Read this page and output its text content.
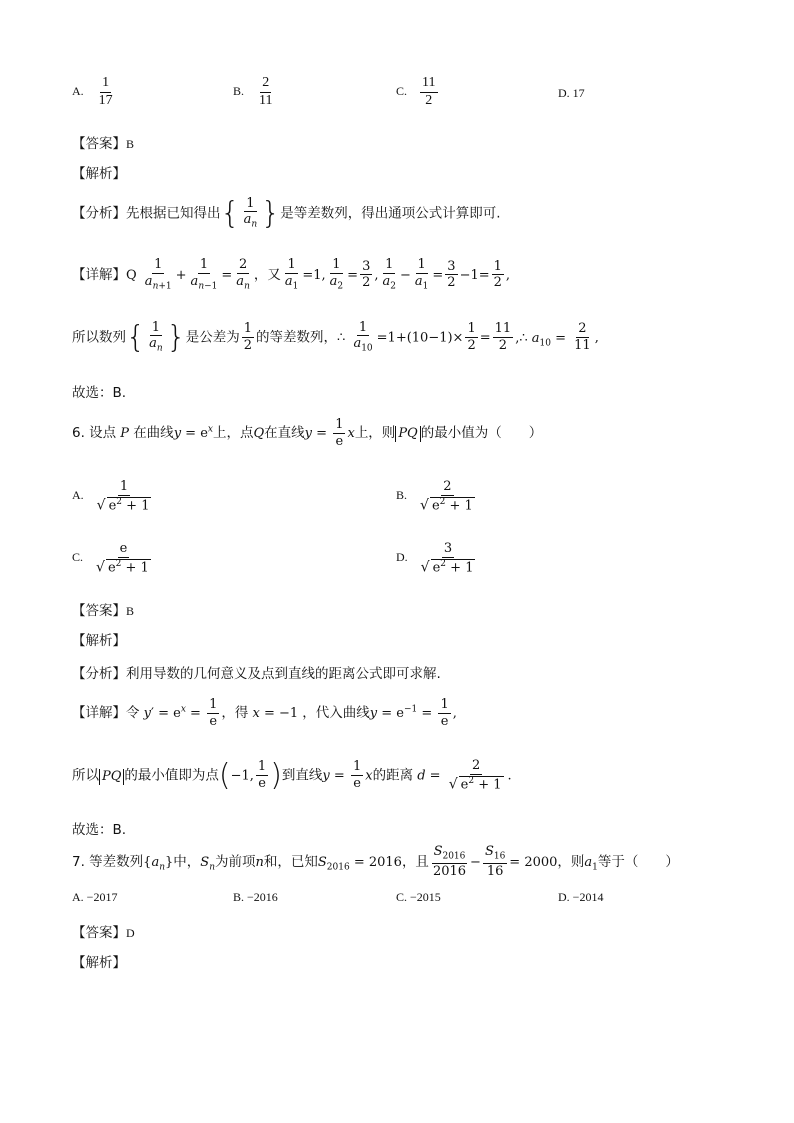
A. $\frac{1}{17}$	B. $\frac{2}{11}$	C. $\frac{11}{2}$	D. 17
【答案】B
【解析】
【分析】先根据已知得出{ $\frac{1}{a_n}$ }是等差数列，得出通项公式计算即可.
【详解】Q $\frac{1}{a_{n+1}} + \frac{1}{a_{n-1}} = \frac{2}{a_n}$ ，又 $\frac{1}{a_1} =1$, $\frac{1}{a_2} = \frac{3}{2}$ , $\frac{1}{a_2} - \frac{1}{a_1} = \frac{3}{2} -1= \frac{1}{2}$ ,
所以数列{ $\frac{1}{a_n}$ }是公差为 $\frac{1}{2}$ 的等差数列，∴ $\frac{1}{a_{10}} =1+(10-1)\times \frac{1}{2} = \frac{11}{2}$ ,∴ $a_{10} = \frac{2}{11}$ ,
故选：B.
6. 设点 P 在曲线$y = e^x$上，点Q在直线$y = \frac{1}{e}$ x上，则 PQ 的最小值为（　　）
A. $\frac{1}{√ e^2 + 1}$	B. $\frac{2}{√ e^2 + 1}$
C. $\frac{e}{√ e^2 + 1}$	D. $\frac{3}{√ e^2 + 1}$
【答案】B
【解析】
【分析】利用导数的几何意义及点到直线的距离公式即可求解.
【详解】令 $y' = e^x = \frac{1}{e}$ ，得 x = −1 ，代入曲线$y = e^{-1} = \frac{1}{e}$ ,
所以 PQ 的最小值即为点(−1, $\frac{1}{e}$ )到直线$y = \frac{1}{e}$ x的距离 $d = \frac{2}{√ e^2 + 1}$ .
故选：B.
7. 等差数列$\{a_n\}$中，$S_n$为前项n和，已知$S_{2016} = 2016$，且 $\frac{S_{2016}}{2016} - \frac{S_{16}}{16} = 2000$，则$a_1$等于（　　）
A. −2017	B. −2016	C. −2015	D. −2014
【答案】D
【解析】
